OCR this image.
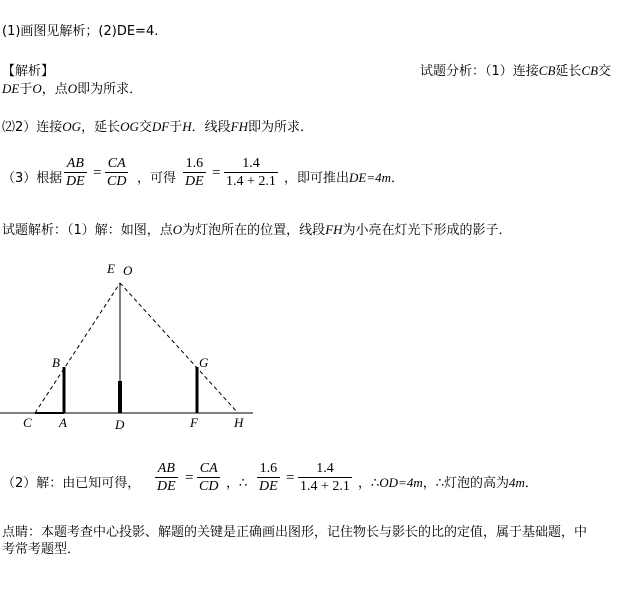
(1)画图见解析；(2)DE=4.
【解析】	试题分析：（1）连接CB延长CB交
DE于O，点O即为所求．
⑵2）连接OG，延长OG交DF于H．线段FH即为所求．
（3）根据 $\frac{AB}{DE} = \frac{CA}{CD}$ ，可得 $\frac{1.6}{DE} = \frac{1.4}{1.4 + 2.1}$ ，即可推出DE=4m．
试题解析：（1）解：如图，点O为灯泡所在的位置，线段FH为小亮在灯光下形成的影子．
E O
B	G
C A	D	F	H
（2）解：由已知可得， $\frac{AB}{DE} = \frac{CA}{CD}$ ，∴ $\frac{1.6}{DE} = \frac{1.4}{1.4 + 2.1}$ ，∴OD=4m，∴灯泡的高为4m．
点睛：本题考查中心投影、解题的关键是正确画出图形，记住物长与影长的比的定值，属于基础题，中
考常考题型．
